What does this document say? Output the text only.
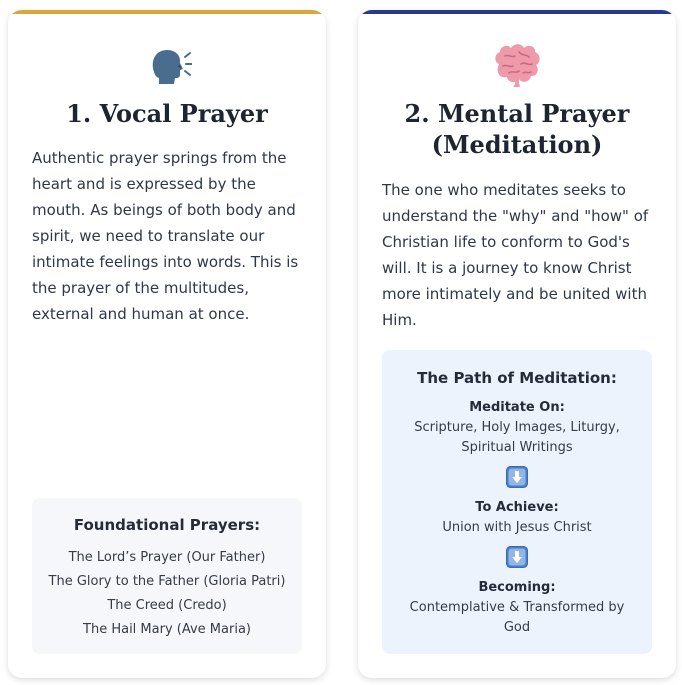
1. Vocal Prayer

Authentic prayer springs from the heart and is expressed by the mouth. As beings of both body and spirit, we need to translate our intimate feelings into words. This is the prayer of the multitudes, external and human at once.

Foundational Prayers:

The Lord’s Prayer (Our Father)
The Glory to the Father (Gloria Patri)
The Creed (Credo)
The Hail Mary (Ave Maria)
2. Mental Prayer
(Meditation)

The one who meditates seeks to understand the "why" and "how" of Christian life to conform to God's will. It is a journey to know Christ more intimately and be united with Him.

The Path of Meditation:

Meditate On:
Scripture, Holy Images, Liturgy, Spiritual Writings
To Achieve:
Union with Jesus Christ
Becoming:
Contemplative & Transformed by God
